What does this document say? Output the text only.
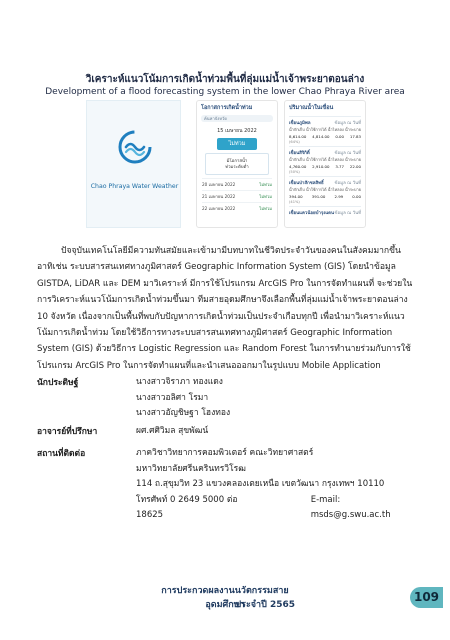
วิเคราะห์แนวโน้มการเกิดน้ำท่วมพื้นที่ลุ่มแม่น้ำเจ้าพระยาตอนล่าง
Development of a flood forecasting system in the lower Chao Phraya River area
Chao Phraya Water Weather
โอกาสการเกิดน้ำท่วม
ค้นหาจังหวัด
15 เมษายน 2022
ไม่ท่วม
มีโอกาสน้ำ
ท่วมระดับต่ำ
20 เมษายน 2022	ไม่ท่วม
21 เมษายน 2022	ไม่ท่วม
22 เมษายน 2022	ไม่ท่วม
ปริมาณน้ำในเขื่อน
เขื่อนภูมิพล	ข้อมูล ณ วันที่
น้ำกักเก็บ น้ำใช้การได้ น้ำไหลลง น้ำระบาย
8,614.00 4,814.00 0.00 17.83
(64%)
เขื่อนสิริกิติ์	ข้อมูล ณ วันที่
น้ำกักเก็บ น้ำใช้การได้ น้ำไหลลง น้ำระบาย
4,760.00 2,910.00 3.77 22.00
(50%)
เขื่อนป่าสักชลสิทธิ์ ข้อมูล ณ วันที่
น้ำกักเก็บ น้ำใช้การได้ น้ำไหลลง น้ำระบาย
394.00 391.00 2.99 0.00
(41%)
เขื่อนแควน้อยบำรุงแดน ข้อมูล ณ วันที่
ปัจจุบันเทคโนโลยีมีความทันสมัยและเข้ามามีบทบาทในชีวิตประจำวันของคนในสังคมมากขึ้น อาทิเช่น ระบบสารสนเทศทางภูมิศาสตร์ Geographic Information System (GIS) โดยนำข้อมูล GISTDA, LiDAR และ DEM มาวิเคราะห์ มีการใช้โปรแกรม ArcGIS Pro ในการจัดทำแผนที่ จะช่วยในการวิเคราะห์แนวโน้มการเกิดน้ำท่วมขึ้นมา ทีมสายอุดมศึกษาจึงเลือกพื้นที่ลุ่มแม่น้ำเจ้าพระยาตอนล่าง 10 จังหวัด เนื่องจากเป็นพื้นที่พบกับปัญหาการเกิดน้ำท่วมเป็นประจำเกือบทุกปี เพื่อนำมาวิเคราะห์แนวโน้มการเกิดน้ำท่วม โดยใช้วิธีการทางระบบสารสนเทศทางภูมิศาสตร์ Geographic Information System (GIS) ด้วยวิธีการ Logistic Regression และ Random Forest ในการทำนายร่วมกับการใช้โปรแกรม ArcGIS Pro ในการจัดทำแผนที่และนำเสนอออกมาในรูปแบบ Mobile Application
นักประดิษฐ์	นางสาวจิราภา ทองแดง
นางสาวอลิศา โรมา
นางสาวอัญชิษฐา โฮงทอง
อาจารย์ที่ปรึกษา	ผศ.ศศิวิมล สุขพัฒน์
สถานที่ติดต่อ	ภาควิชาวิทยาการคอมพิวเตอร์ คณะวิทยาศาสตร์
มหาวิทยาลัยศรีนครินทรวิโรฒ
114 ถ.สุขุมวิท 23 แขวงคลองเตยเหนือ เขตวัฒนา กรุงเทพฯ 10110
โทรศัพท์ 0 2649 5000 ต่อ 18625
E-mail: msds@g.swu.ac.th
การประกวดผลงานนวัตกรรมสายอุดมศึกษา
ประจำปี 2565
109
